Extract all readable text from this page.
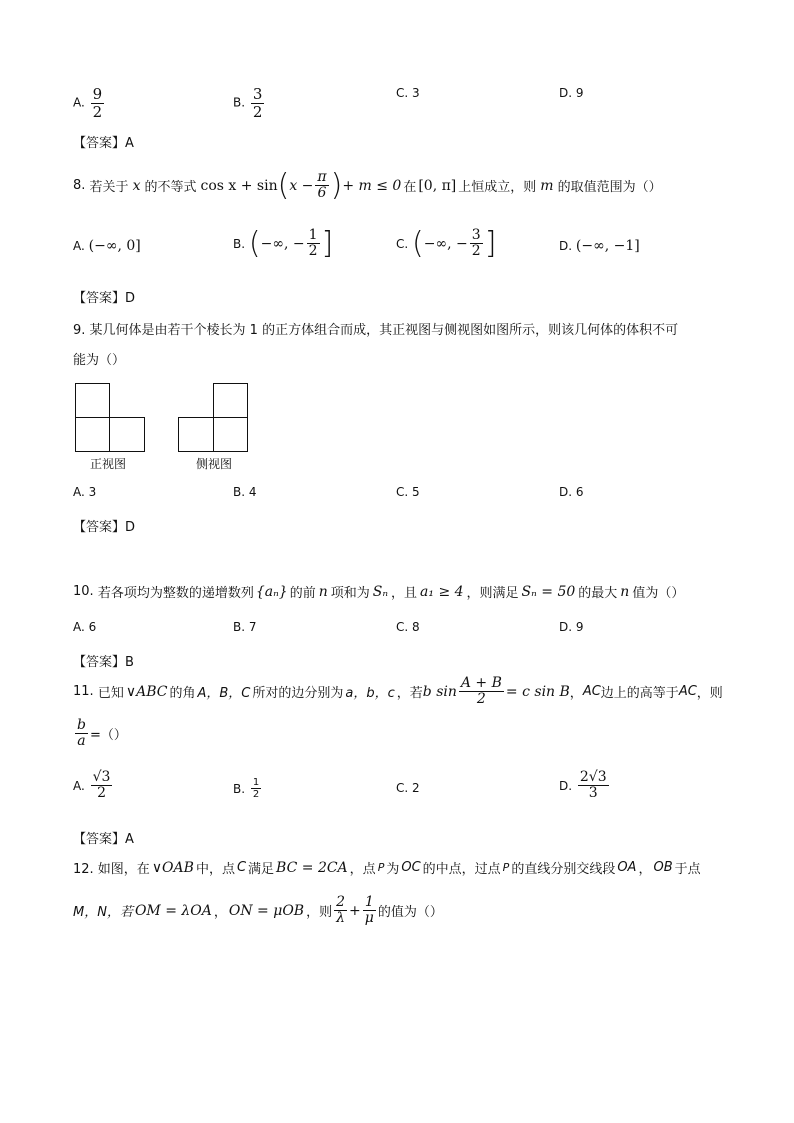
A. $\frac{9}{2}$	B. $\frac{3}{2}$	C. 3	D. 9
【答案】A
8.
若关于 x 的不等式 cos x + sin ( $x - \frac{\pi}{6}$ ) + m ≤ 0 在 [0, π] 上恒成立，则 m 的取值范围为（）
A.
(−∞, 0]	B.
( −∞, − $\frac{1}{2}$ ]	C.
( −∞, − $\frac{3}{2}$ ]	D.
(−∞, −1]
【答案】D
9. 某几何体是由若干个棱长为 1 的正方体组合而成，其正视图与侧视图如图所示，则该几何体的体积不可
能为（）
正视图	侧视图
A. 3	B. 4	C. 5	D. 6
【答案】D
10.
若各项均为整数的递增数列 {aₙ} 的前 n 项和为 Sₙ ，且 a₁ ≥ 4 ，则满足 Sₙ = 50 的最大 n 值为（）
A. 6	B. 7	C. 8	D. 9
【答案】B
11.
已知 ∨ABC 的角 A，B，C 所对的边分别为 a，b，c ，若 b $\sin \frac{A + B}{2} = c$ sin B ， AC 边上的高等于 AC ，则
$\frac{b}{a}$ =（）
A.
$\frac{√3}{2}$	B.
$\frac{1}{2}$	C. 2	D.
$\frac{2√3}{3}$
【答案】A
12. 如图，在 ∨OAB 中，点 C 满足 BC = 2CA ，点 P 为 OC 的中点，过点 P 的直线分别交线段 OA ， OB 于点
M，N，若 OM = λOA ， ON = μOB ，则 $\frac{2}{\lambda} + \frac{1}{\mu}$ 的值为（）
